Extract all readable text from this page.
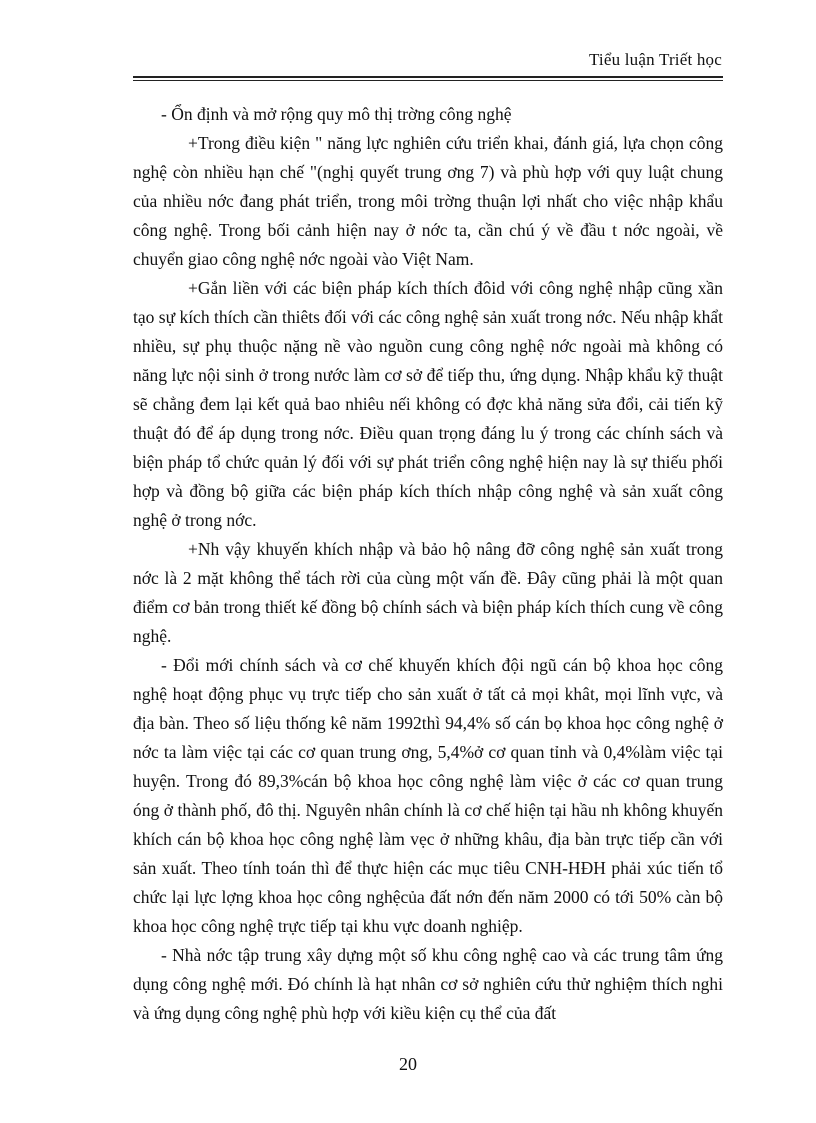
Tiểu luận Triết học

- Ổn định và mở rộng quy mô thị trờng công nghệ

+Trong điều kiện " năng lực nghiên cứu triển khai, đánh giá, lựa chọn công nghệ còn nhiều hạn chế "(nghị quyết trung ơng 7) và phù hợp với quy luật chung của nhiều nớc đang phát triển, trong môi trờng thuận lợi nhất cho việc nhập khẩu công nghệ. Trong bối cảnh hiện nay ở nớc ta, cần chú ý về đầu t nớc ngoài, về chuyển giao công nghệ nớc ngoài vào Việt Nam.

+Gắn liền với các biện pháp kích thích đôid với công nghệ nhập cũng xần tạo sự kích thích cần thiêts đối với các công nghệ sản xuất trong nớc. Nếu nhập khẩt nhiều, sự phụ thuộc nặng nề vào nguồn cung công nghệ nớc ngoài mà không có năng lực nội sinh ở trong nước làm cơ sở để tiếp thu, ứng dụng. Nhập khẩu kỹ thuật sẽ chẳng đem lại kết quả bao nhiêu nếi không có đợc khả năng sửa đổi, cải tiến kỹ thuật đó để áp dụng trong nớc. Điều quan trọng đáng lu ý trong các chính sách và biện pháp tổ chức quản lý đối với sự phát triển công nghệ hiện nay là sự thiếu phối hợp và đồng bộ giữa các biện pháp kích thích nhập công nghệ và sản xuất công nghệ ở trong nớc.

+Nh vậy khuyến khích nhập và bảo hộ nâng đỡ công nghệ sản xuất trong nớc là 2 mặt không thể tách rời của cùng một vấn đề. Đây cũng phải là một quan điểm cơ bản trong thiết kế đồng bộ chính sách và biện pháp kích thích cung về công nghệ.

- Đổi mới chính sách và cơ chế khuyến khích đội ngũ cán bộ khoa học công nghệ hoạt động phục vụ trực tiếp cho sản xuất ở tất cả mọi khât, mọi lĩnh vực, và địa bàn. Theo số liệu thống kê năm 1992thì 94,4% số cán bọ khoa học công nghệ ở nớc ta làm việc tại các cơ quan trung ơng, 5,4%ở cơ quan tỉnh và 0,4%làm việc tại huyện. Trong đó 89,3%cán bộ khoa học công nghệ làm việc ở các cơ quan trung óng ở thành phố, đô thị. Nguyên nhân chính là cơ chế hiện tại hầu nh không khuyến khích cán bộ khoa học công nghệ làm vẹc ở những khâu, địa bàn trực tiếp cần với sản xuất. Theo tính toán thì để thực hiện các mục tiêu CNH-HĐH phải xúc tiến tổ chức lại lực lợng khoa học công nghệcủa đất nớn đến năm 2000 có tới 50% càn bộ khoa học công nghệ trực tiếp tại khu vực doanh nghiệp.

- Nhà nớc tập trung xây dựng một số khu công nghệ cao và các trung tâm ứng dụng công nghệ mới. Đó chính là hạt nhân cơ sở nghiên cứu thử nghiệm thích nghi và ứng dụng công nghệ phù hợp với kiều kiện cụ thể của đất

20
